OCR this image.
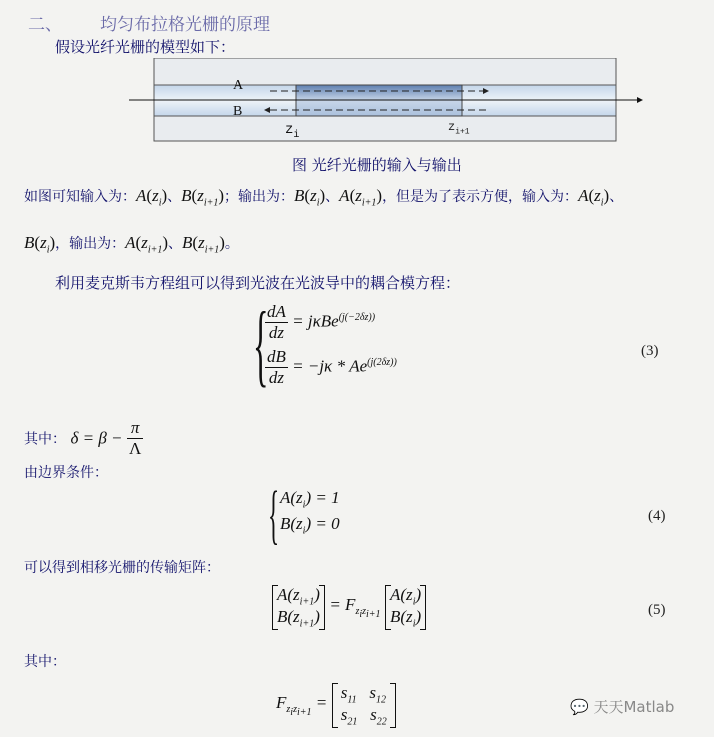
二、 均匀布拉格光栅的原理
假设光纤光栅的模型如下：
A
B
$z_i$
$z_{i+1}$
图 光纤光栅的输入与输出
如图可知输入为：$A(z_i)$、$B(z_{i+1})$；输出为：$B(z_i)$、$A(z_{i+1})$，但是为了表示方便，输入为：$A(z_i)$、
$B(z_i)$，输出为：$A(z_{i+1})$、$B(z_{i+1})$。
利用麦克斯韦方程组可以得到光波在光波导中的耦合模方程：
{
$\frac{dA}{dz} = j\kappa Be^{(j(-2\delta z))}$
$\frac{dB}{dz} = -j\kappa * Ae^{(j(2\delta z))}$
(3)
其中： $\delta = \beta - \frac{\pi}{\Lambda}$
由边界条件：
{ $A(z_i) = 1$
$B(z_i) = 0$	(4)
可以得到相移光栅的传输矩阵：
$A(z_{i+1})$
$B(z_{i+1})$
= $F_{z_iz_{i+1}}$
$A(z_i)$
$B(z_i)$	(5)
其中：
$F_{z_iz_{i+1}}$ =
$s_{11}$ $s_{12}$
$s_{21}$ $s_{22}$
💬 天天Matlab
